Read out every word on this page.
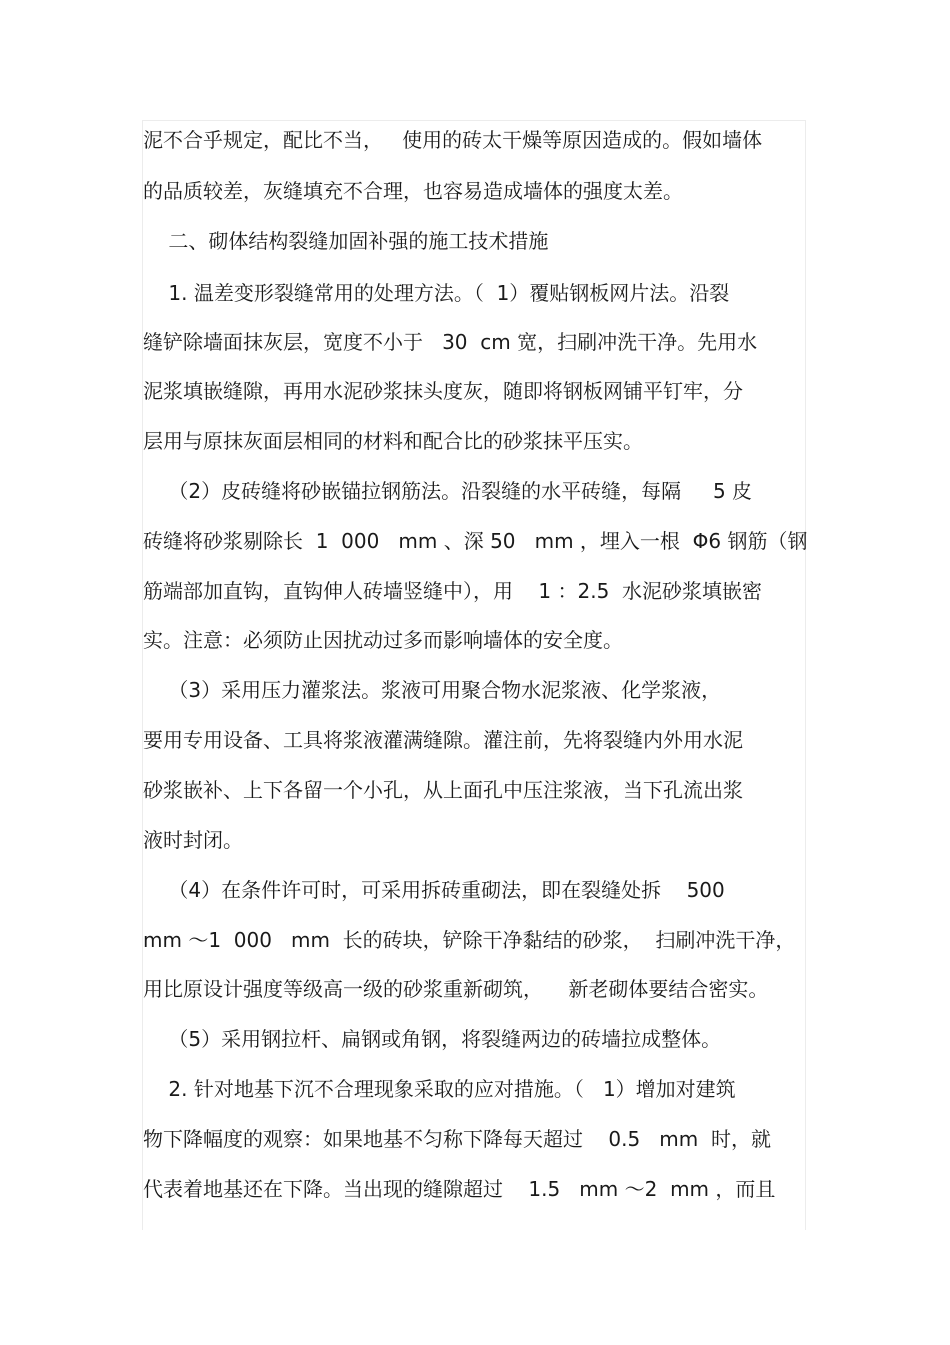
泥不合乎规定，配比不当，   使用的砖太干燥等原因造成的。假如墙体
的品质较差，灰缝填充不合理，也容易造成墙体的强度太差。
二、砌体结构裂缝加固补强的施工技术措施
1. 温差变形裂缝常用的处理方法。（  1）覆贴钢板网片法。沿裂
缝铲除墙面抹灰层，宽度不小于   30  cm 宽，扫刷冲洗干净。先用水
泥浆填嵌缝隙，再用水泥砂浆抹头度灰，随即将钢板网铺平钉牢，分
层用与原抹灰面层相同的材料和配合比的砂浆抹平压实。
（2）皮砖缝将砂嵌锚拉钢筋法。沿裂缝的水平砖缝，每隔     5 皮
砖缝将砂浆剔除长  1  000   mm 、深 50   mm ，埋入一根  Φ6 钢筋（钢
筋端部加直钩，直钩伸人砖墙竖缝中），用    1 ：2.5  水泥砂浆填嵌密
实。注意：必须防止因扰动过多而影响墙体的安全度。
（3）采用压力灌浆法。浆液可用聚合物水泥浆液、化学浆液，
要用专用设备、工具将浆液灌满缝隙。灌注前，先将裂缝内外用水泥
砂浆嵌补、上下各留一个小孔，从上面孔中压注浆液，当下孔流出浆
液时封闭。
（4）在条件许可时，可采用拆砖重砌法，即在裂缝处拆    500
mm ～1  000   mm  长的砖块，铲除干净黏结的砂浆，  扫刷冲洗干净，
用比原设计强度等级高一级的砂浆重新砌筑，    新老砌体要结合密实。
（5）采用钢拉杆、扁钢或角钢，将裂缝两边的砖墙拉成整体。
2. 针对地基下沉不合理现象采取的应对措施。（   1）增加对建筑
物下降幅度的观察：如果地基不匀称下降每天超过    0.5   mm  时，就
代表着地基还在下降。当出现的缝隙超过    1.5   mm ～2  mm ，而且
